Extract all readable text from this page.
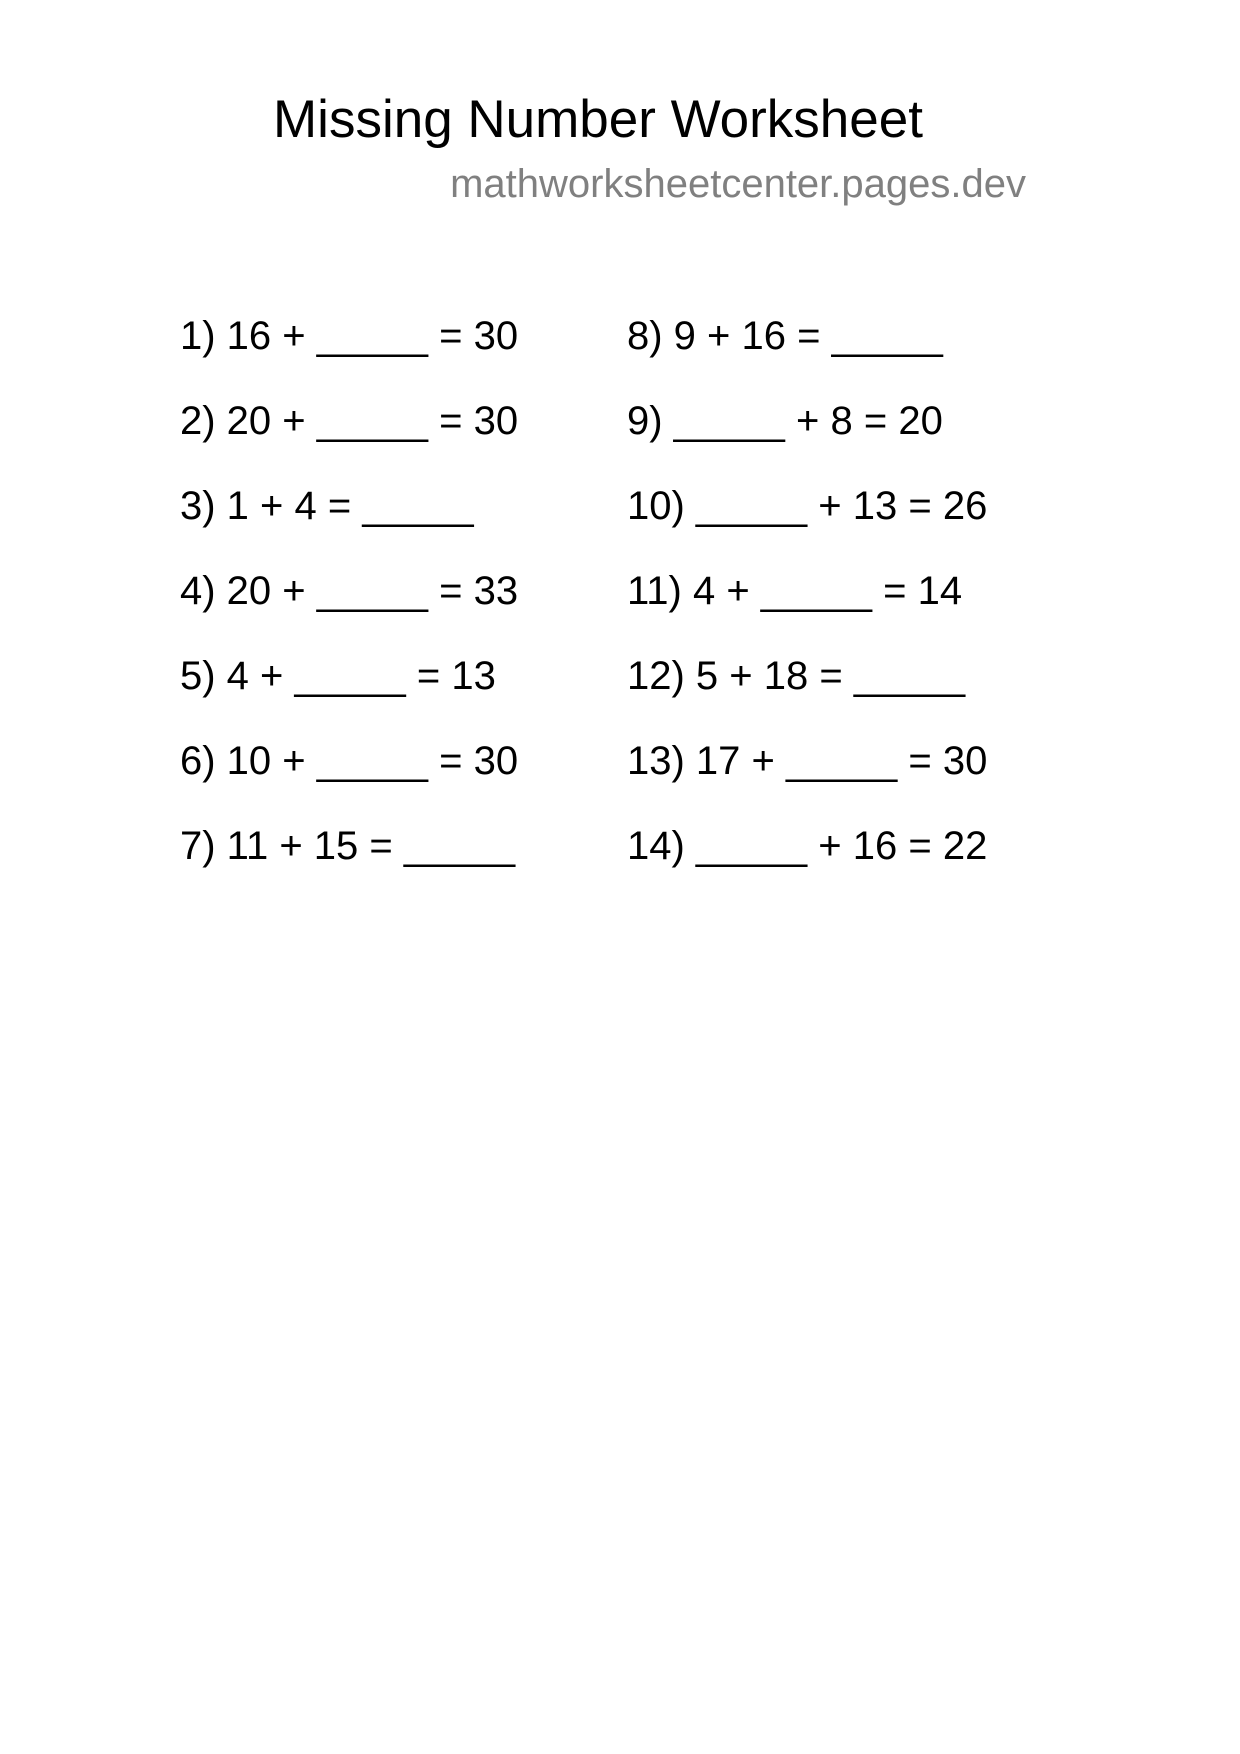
Missing Number Worksheet
mathworksheetcenter.pages.dev
1) 16 + _____ = 30
2) 20 + _____ = 30
3) 1 + 4 = _____
4) 20 + _____ = 33
5) 4 + _____ = 13
6) 10 + _____ = 30
7) 11 + 15 = _____
8) 9 + 16 = _____
9) _____ + 8 = 20
10) _____ + 13 = 26
11) 4 + _____ = 14
12) 5 + 18 = _____
13) 17 + _____ = 30
14) _____ + 16 = 22
